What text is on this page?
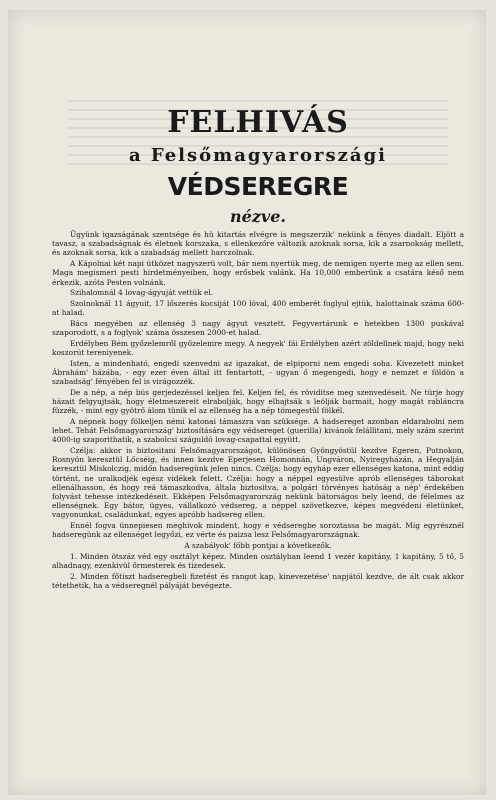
FELHIVÁS
a Felsőmagyarországi
VÉDSEREGRE
nézve.

Ügyünk igazságának szentsége és hü kitartás elvégre is megszerzik' nekünk a fényes diadalt. Eljött a tavasz, a szabadságnak és életnek korszaka, s ellenkezőre változik azoknak sorsa, kik a zsarnokság mellett, és azoknak sorsa, kik a szabadság mellett harczolnak.

A Kápolnai két napi ütközet nagyszerü volt, bár nem nyertük meg, de nemigen nyerte meg az ellen sem. Maga megismeri pesti hirdetményeiben, hogy erősbek valánk. Ha 10,000 emberünk a csatára késő nem érkezik, azóta Pesten volnánk.

Szihalomnál 4 lovag-ágyuját vettük el.

Szolnoknál 11 ágyuit, 17 lőszerés kocsiját 100 lóval, 400 emberét foglyul ejtük, halottainak száma 600-at halad.

Bács megyében az ellenség 3 nagy ágyut vesztett. Fegyvertárunk e hetekben 1300 puskával szaporodott, s a foglyok' száma összesen 2000-et halad.

Erdélyben Bém győzelemről győzelemre megy. A negyek' fái Erdélyben azért zöldellnek majd, hogy neki koszorút tereniyenek.

Isten, a mindenható, engedi szenvedni az igazakat, de elpiporni nem engedi soha. Kivezetett minket Ábrahám' házába, - egy ezer éven által itt fentartott, - ugyan ő megengedi, hogy e nemzet e földön a szabadság' fényében fel is virágozzék.

De a nép, a nép bús gerjedezéssel keljen fel. Keljen fel, és röviditse meg szenvedéseit. Ne türje hogy házait felgyujtsák, hogy életmeszereit elrabolják, hogy elhajtsák s leölják barmait, hogy magát rabláncra füzzék, - mint egy gyötrő álom tünik el az ellenség ha a nép tömegestül fölkél.

A népnek hogy fölkeljen némi katonai támaszra van szüksége. A hadsereget azonban eldarabolni nem lehet. Tehát Felsőmagyarország' biztosítására egy védsereget (guerilla) kivánok felállitani, mely szám szerint 4000-ig szaporithatik, a szabolcsi száguldó lovag-csapattal együtt.

Czélja: akkor is biztositani Felsőmagyarországot, különösen Gyöngyöstül kezdve Egeren, Putnokon, Rosnyón keresztül Lőcséig, és innen kezdve Eperjesen Homonnán, Ungváron, Nyiregyházán, a Hegyalján keresztül Miskolczig, midőn hadseregünk jelen nincs. Czélja: hogy egyháр ezer ellenséges katona, mint eddig történt, ne uralkodjék egész vidékek felett. Czélja: hogy a néppel egyesülve aprób ellenséges táborokat ellenálhasson, és hogy reá támaszkodva, általa biztositva, a polgári törvényes hatóság a nép' érdekében folyvást tehesse intézkedéseit. Ekképen Felsőmagyarország nekünk bátorságos hely leend, de félelmes az ellenségnek. Egy bátor, ügyes, vállalkozó védsereg, a néppel szövetkezve, képes megvédeni életünket, vagyonunkat, családunkat, egyes apróbb hadsereg ellen.

Ennél fogva ünnepiesen meghivok mindent, hogy e védseregbe soroztassa be magát. Míg egyrésznél hadseregünk az ellenséget legyőzi, ez vérte és paizsa lesz Felsőmagyarországnak.

A szabályok' főbb pontjai a következők.

1. Minden ötszáz véd egy osztályt képez. Minden osztályban leend 1 vezér kapitány, 1 kapitány, 5 tő, 5 alhadnagy, ezenkivül őrmesterek és tizedesek.

2. Minden főtiszt hadseregbeli fizetést és rangot kap, kinevezetése' napjától kezdve, de ált csak akkor tétethetik, ha a védseregnél pályáját bevégezte.
